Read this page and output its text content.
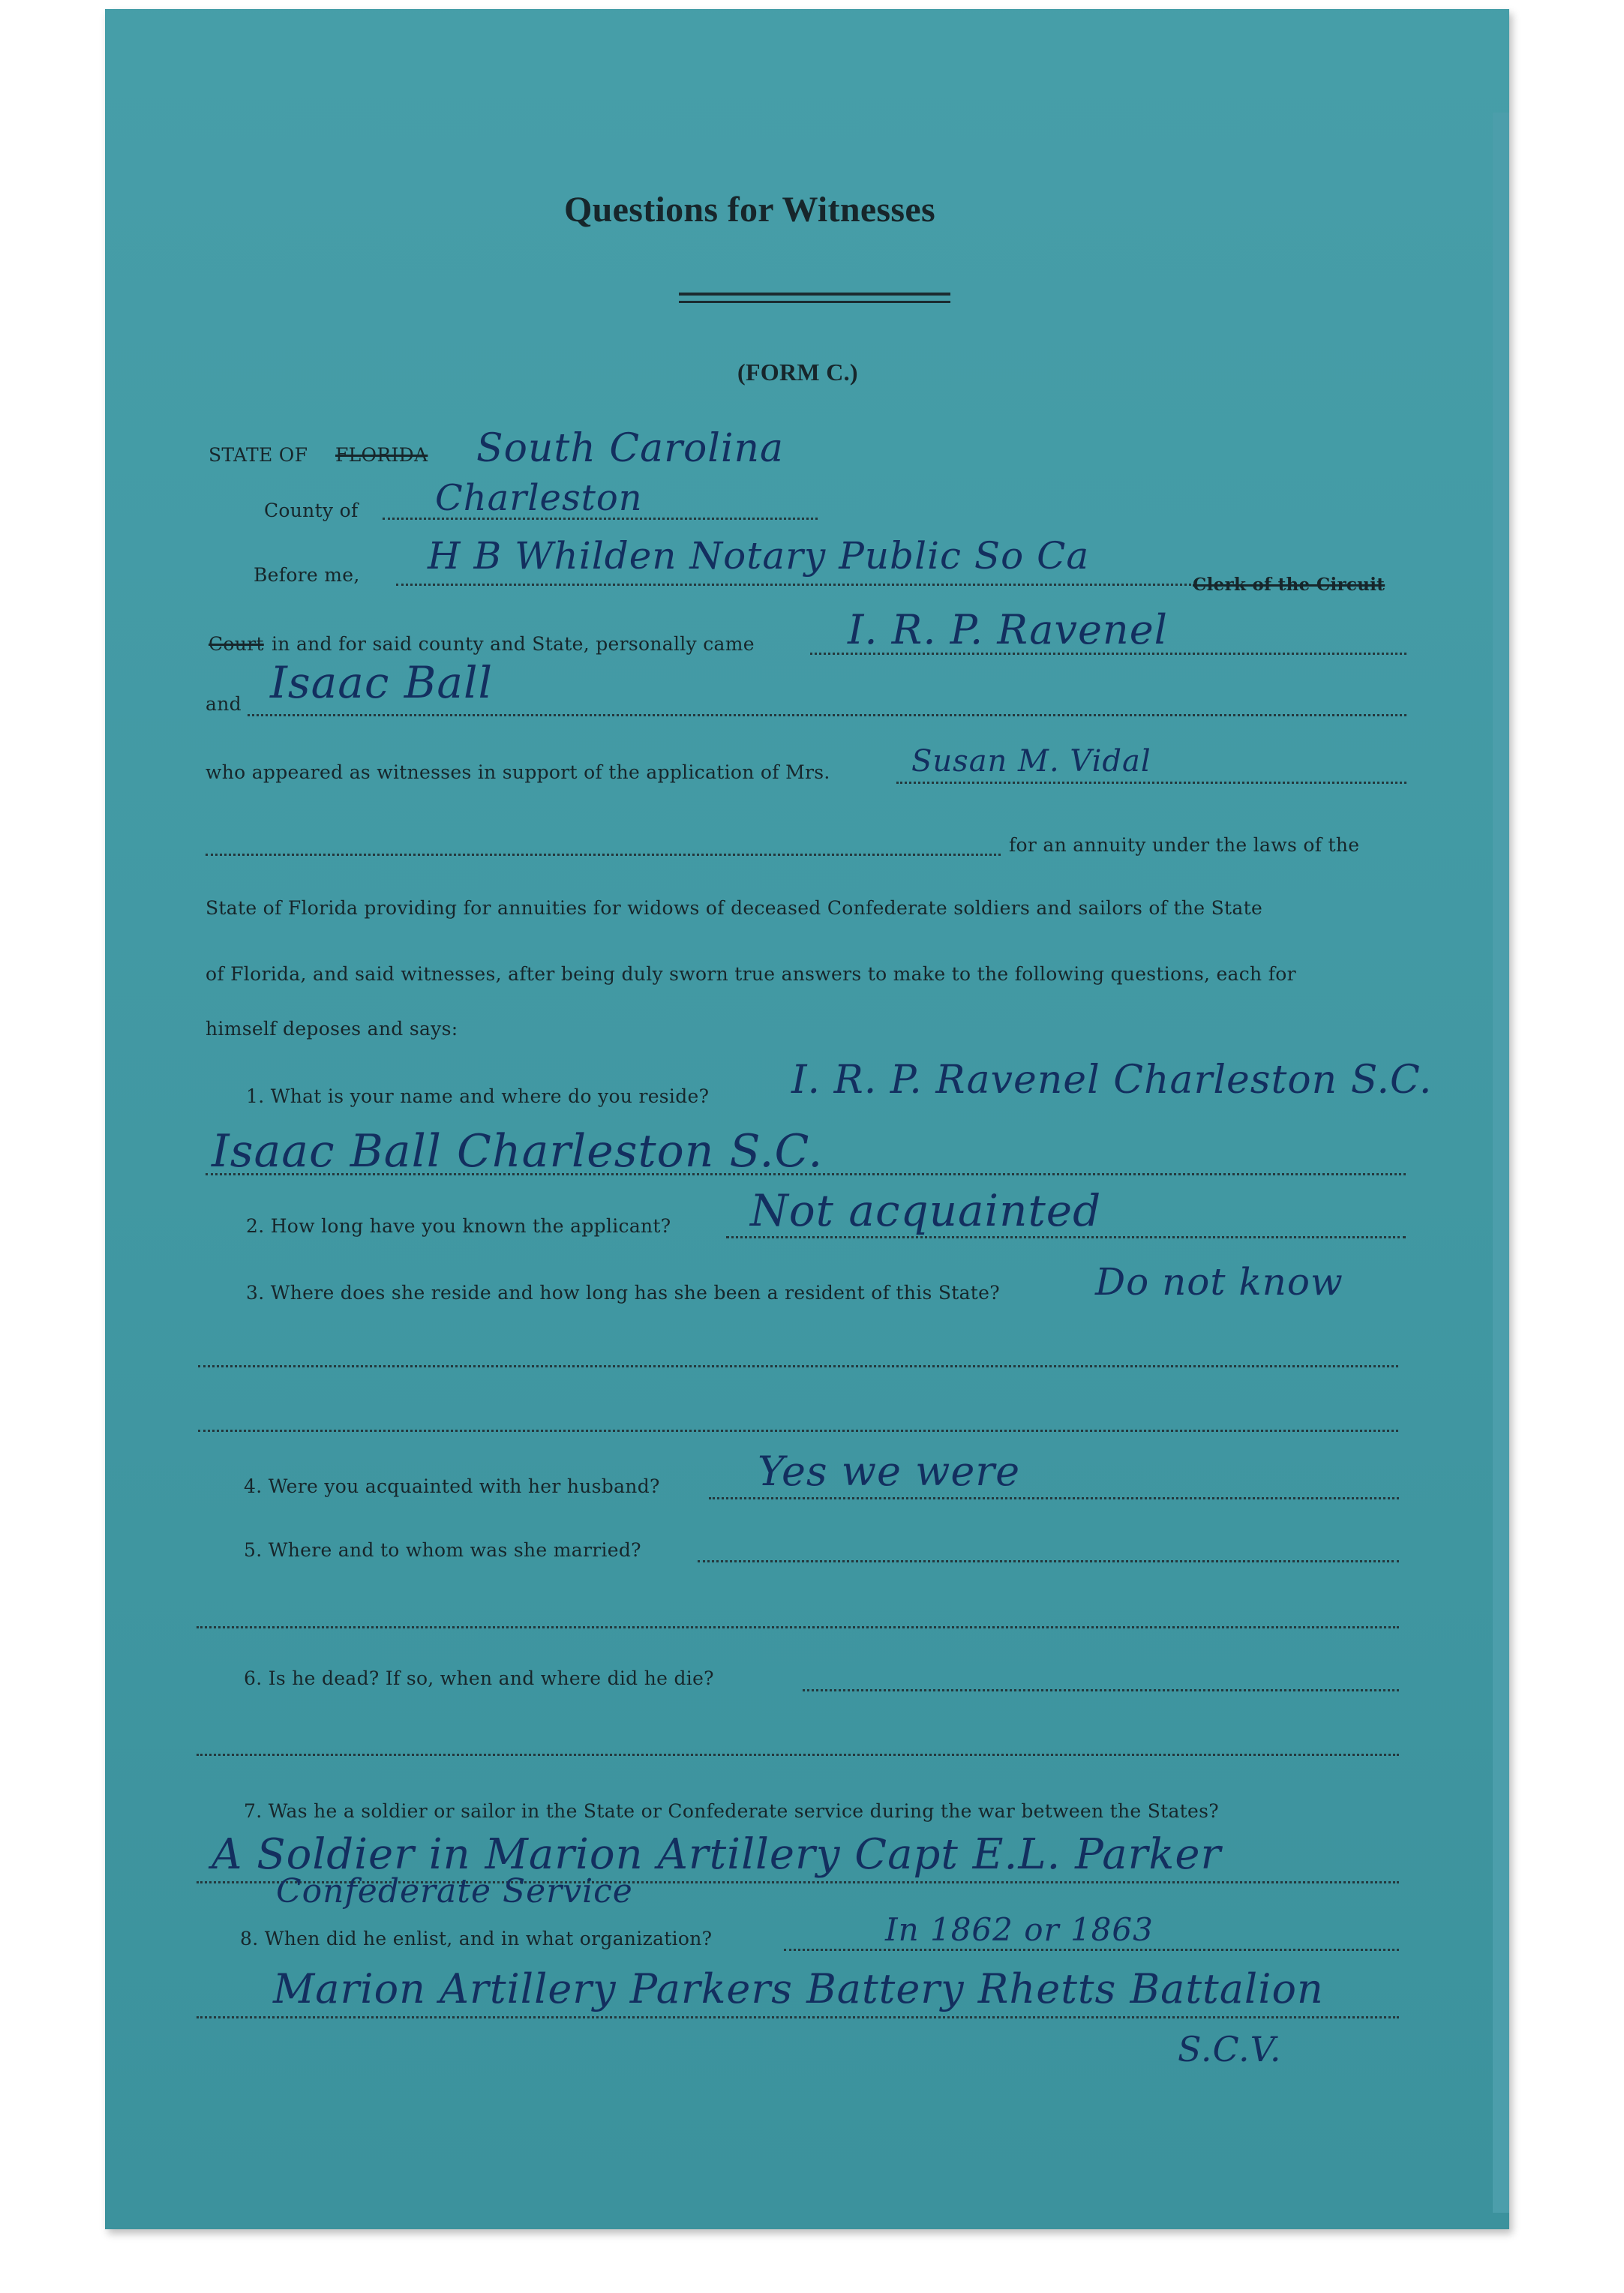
Questions for Witnesses
(FORM C.)
STATE OF FLORIDA South Carolina
County of Charleston
Before me, H B Whilden Notary Public So Ca
Clerk of the Circuit
Court in and for said county and State, personally came I. R. P. Ravenel
and Isaac Ball
who appeared as witnesses in support of the application of Mrs.	Susan M. Vidal
for an annuity under the laws of the
State of Florida providing for annuities for widows of deceased Confederate soldiers and sailors of the State
of Florida, and said witnesses, after being duly sworn true answers to make to the following questions, each for
himself deposes and says:
1. What is your name and where do you reside? I. R. P. Ravenel Charleston S.C.
Isaac Ball Charleston S.C.
2. How long have you known the applicant? Not acquainted
3. Where does she reside and how long has she been a resident of this State?	Do not know
4. Were you acquainted with her husband? Yes we were
5. Where and to whom was she married?
6. Is he dead? If so, when and where did he die?
7. Was he a soldier or sailor in the State or Confederate service during the war between the States?
A Soldier in Marion Artillery Capt E.L. Parker
Confederate Service
8. When did he enlist, and in what organization?	In 1862 or 1863
Marion Artillery Parkers Battery Rhetts Battalion
S.C.V.
